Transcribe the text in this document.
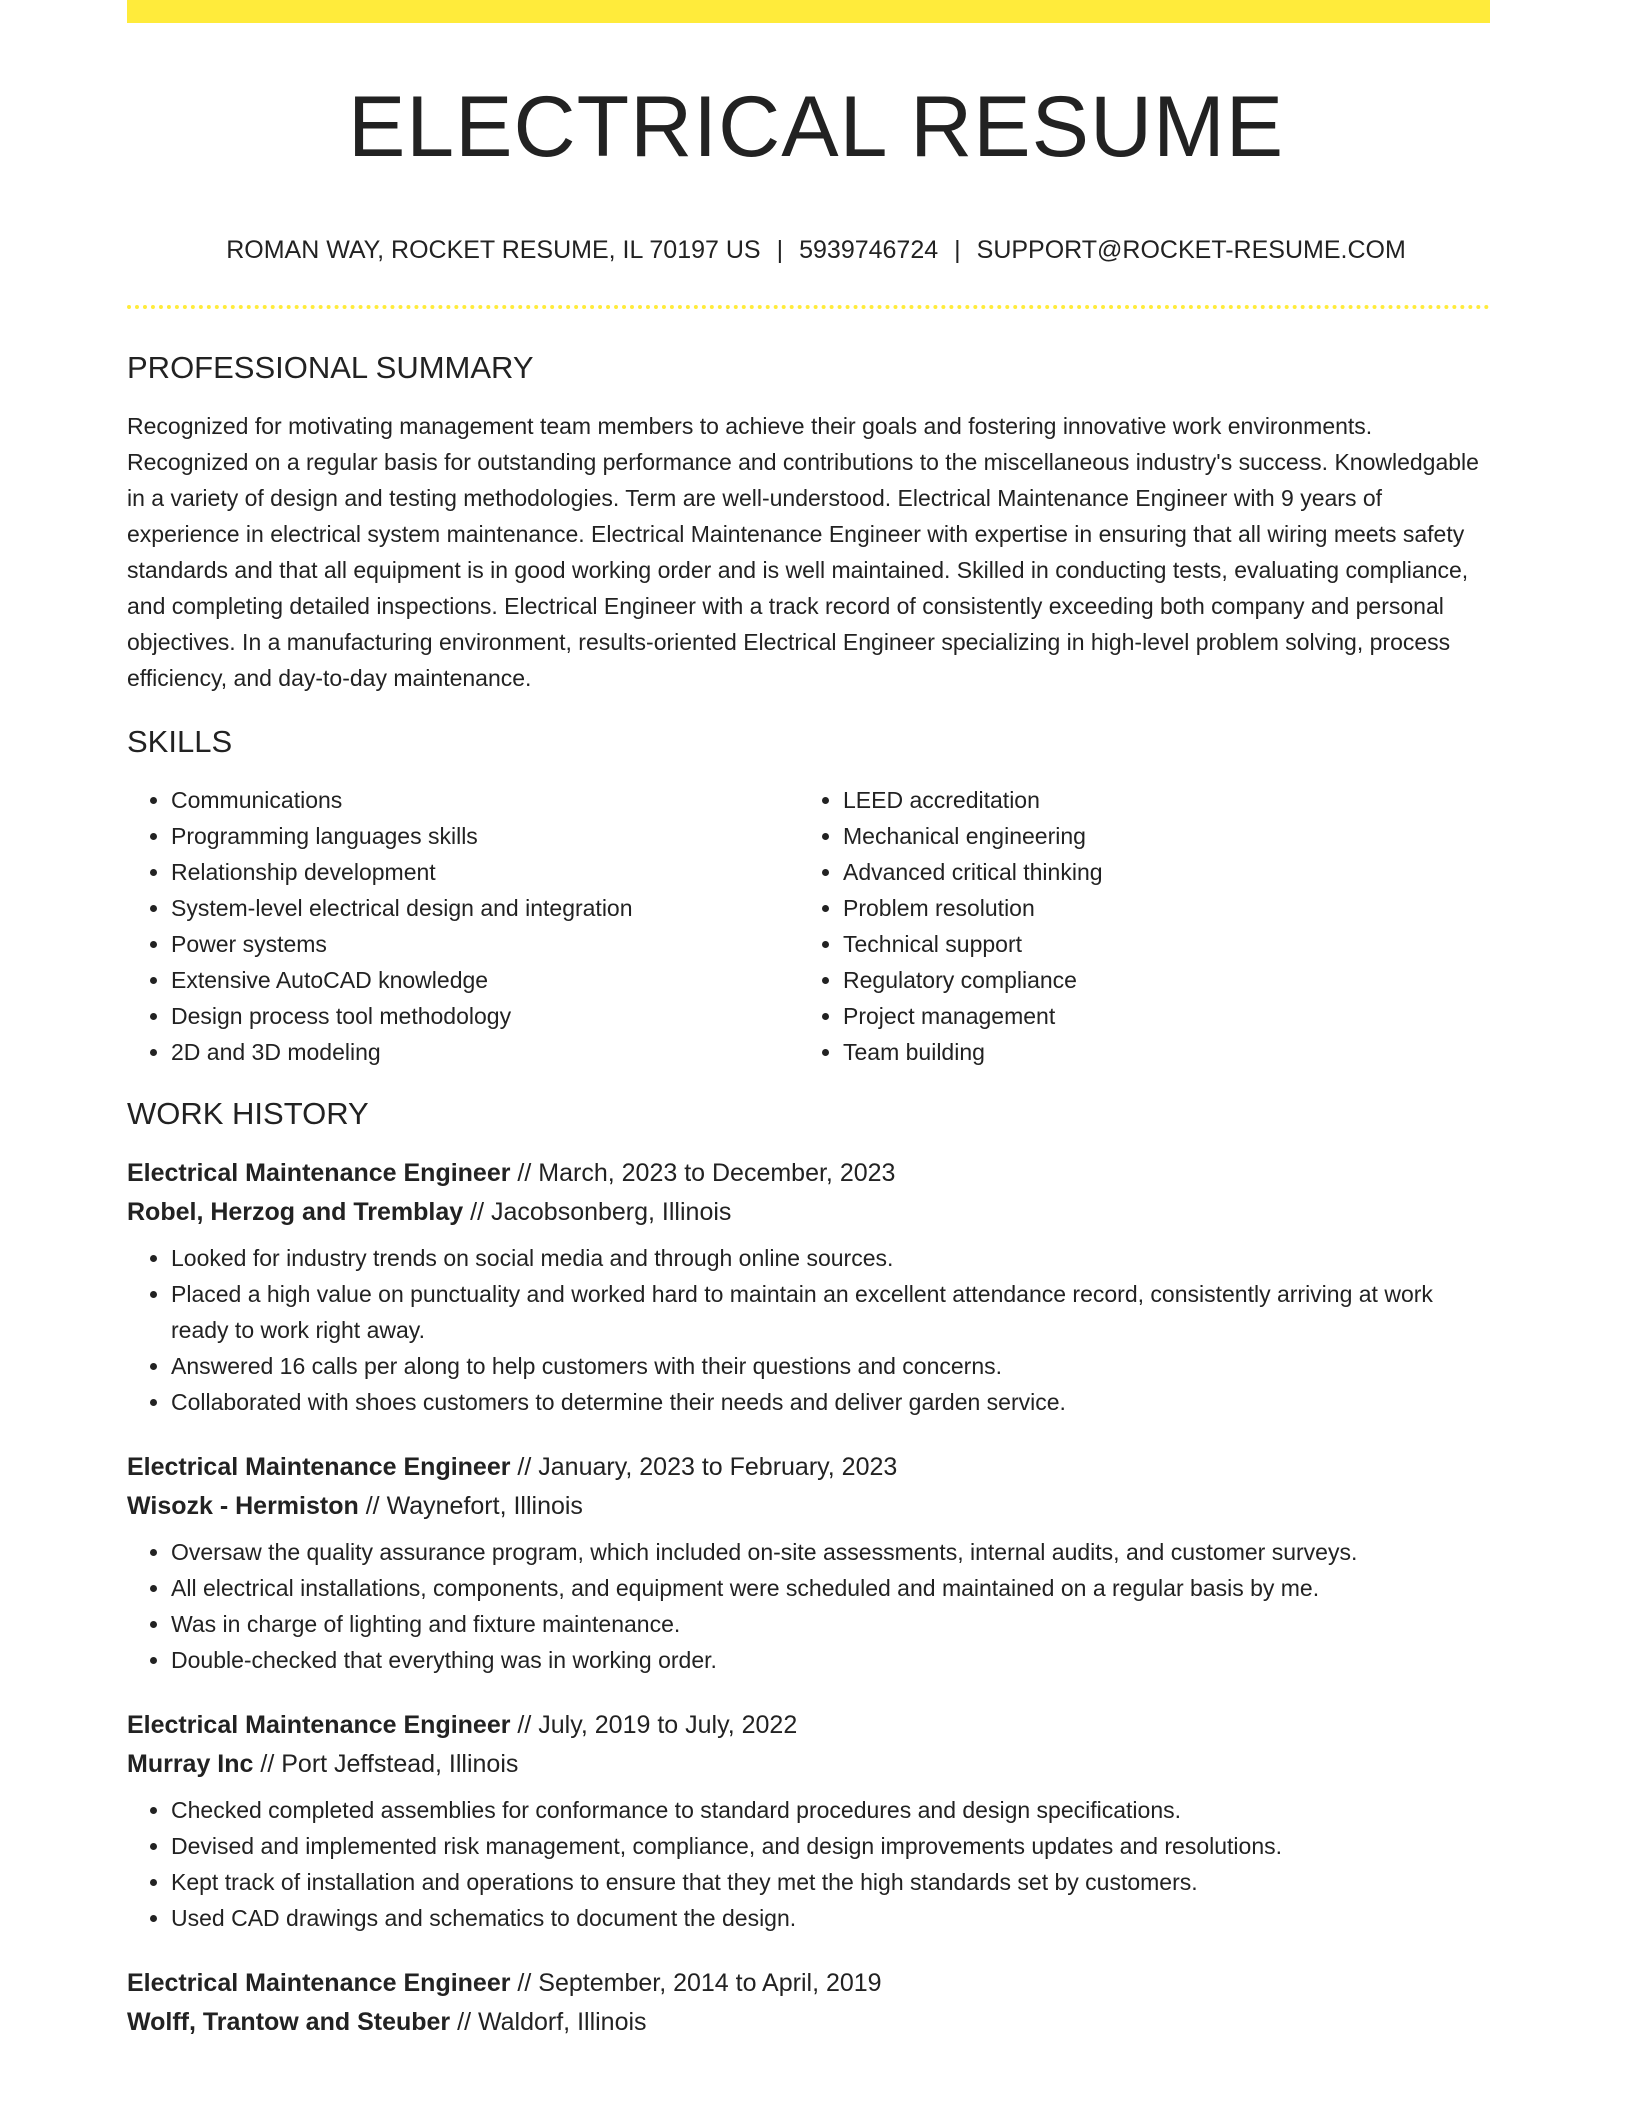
ELECTRICAL RESUME
ROMAN WAY, ROCKET RESUME, IL 70197 US | 5939746724 | SUPPORT@ROCKET-RESUME.COM
PROFESSIONAL SUMMARY

Recognized for motivating management team members to achieve their goals and fostering innovative work environments. Recognized on a regular basis for outstanding performance and contributions to the miscellaneous industry's success. Knowledgable in a variety of design and testing methodologies. Term are well-understood. Electrical Maintenance Engineer with 9 years of experience in electrical system maintenance. Electrical Maintenance Engineer with expertise in ensuring that all wiring meets safety standards and that all equipment is in good working order and is well maintained. Skilled in conducting tests, evaluating compliance, and completing detailed inspections. Electrical Engineer with a track record of consistently exceeding both company and personal objectives. In a manufacturing environment, results-oriented Electrical Engineer specializing in high-level problem solving, process efficiency, and day-to-day maintenance.

SKILLS
• Communications
• Programming languages skills
• Relationship development
• System-level electrical design and integration
• Power systems
• Extensive AutoCAD knowledge
• Design process tool methodology
• 2D and 3D modeling
• LEED accreditation
• Mechanical engineering
• Advanced critical thinking
• Problem resolution
• Technical support
• Regulatory compliance
• Project management
• Team building
WORK HISTORY
Electrical Maintenance Engineer // March, 2023 to December, 2023
Robel, Herzog and Tremblay // Jacobsonberg, Illinois
• Looked for industry trends on social media and through online sources.
• Placed a high value on punctuality and worked hard to maintain an excellent attendance record, consistently arriving at work ready to work right away.
• Answered 16 calls per along to help customers with their questions and concerns.
• Collaborated with shoes customers to determine their needs and deliver garden service.
Electrical Maintenance Engineer // January, 2023 to February, 2023
Wisozk - Hermiston // Waynefort, Illinois
• Oversaw the quality assurance program, which included on-site assessments, internal audits, and customer surveys.
• All electrical installations, components, and equipment were scheduled and maintained on a regular basis by me.
• Was in charge of lighting and fixture maintenance.
• Double-checked that everything was in working order.
Electrical Maintenance Engineer // July, 2019 to July, 2022
Murray Inc // Port Jeffstead, Illinois
• Checked completed assemblies for conformance to standard procedures and design specifications.
• Devised and implemented risk management, compliance, and design improvements updates and resolutions.
• Kept track of installation and operations to ensure that they met the high standards set by customers.
• Used CAD drawings and schematics to document the design.
Electrical Maintenance Engineer // September, 2014 to April, 2019
Wolff, Trantow and Steuber // Waldorf, Illinois
